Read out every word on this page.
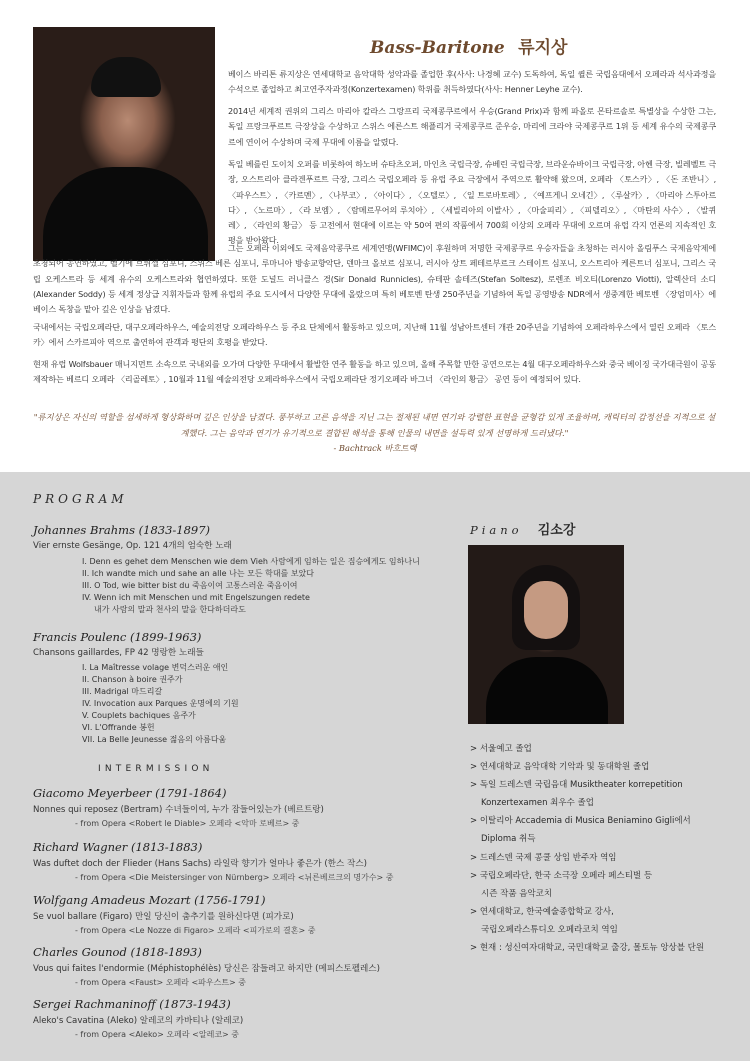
Bass-Baritone 류지상

베이스 바리톤 류지상은 연세대학교 음악대학 성악과를 졸업한 후(사사: 나경혜 교수) 도독하여, 독일 퀼른 국립음대에서 오페라과 석사과정을 수석으로 졸업하고 최고연주자과정(Konzertexamen) 학위를 취득하였다(사사: Henner Leyhe 교수).

2014년 세계적 권위의 그리스 마리아 칼라스 그랑프리 국제콩쿠르에서 우승(Grand Prix)과 함께 파올로 몬타르솔로 특별상을 수상한 그는, 독일 프랑크푸르트 극장상을 수상하고 스위스 에른스트 해플리거 국제콩쿠르 준우승, 마리에 크라야 국제콩쿠르 1위 등 세계 유수의 국제콩쿠르에 연이어 수상하며 국제 무대에 이름을 알렸다.

독일 베를린 도이치 오퍼를 비롯하여 하노버 슈타츠오퍼, 마인츠 국립극장, 슈베린 국립극장, 브라운슈바이크 국립극장, 아헨 극장, 빌레벨트 극장, 오스트리아 클라겐푸르트 극장, 그리스 국립오페라 등 유럽 주요 극장에서 주역으로 활약해 왔으며, 오페라 〈토스카〉, 〈돈 조반니〉, 〈파우스트〉, 〈카르멘〉, 〈나부코〉, 〈아이다〉, 〈오텔로〉, 〈일 트로바토레〉, 〈예프게니 오네긴〉, 〈루살카〉, 〈마리아 스투아르다〉, 〈노르마〉, 〈라 보엠〉, 〈람메르무어의 루치아〉, 〈세빌리아의 이발사〉, 〈마술피리〉, 〈피델리오〉, 〈마탄의 사수〉, 〈발퀴레〉, 〈라인의 황금〉 등 고전에서 현대에 이르는 약 50여 편의 작품에서 700회 이상의 오페라 무대에 오르며 유럽 각지 언론의 지속적인 호평을 받아왔다.

그는 오페라 이외에도 국제음악콩쿠르 세계연맹(WFIMC)이 후원하며 저명한 국제콩쿠르 우승자들을 초청하는 러시아 올림푸스 국제음악제에 초청되어 공연하였고, 벨기에 브뤼셀 심포니, 스위스 베른 심포니, 루마니아 방송교향악단, 덴마크 올보르 심포니, 러시아 상트 페테르부르크 스테이트 심포니, 오스트리아 케른트너 심포니, 그리스 국립 오케스트라 등 세계 유수의 오케스트라와 협연하였다. 또한 도널드 러니클스 경(Sir Donald Runnicles), 슈테판 솔테즈(Stefan Soltesz), 로렌조 비오티(Lorenzo Viotti), 알렉산더 소디(Alexander Soddy) 등 세계 정상급 지휘자들과 함께 유럽의 주요 도시에서 다양한 무대에 올랐으며 특히 베토벤 탄생 250주년을 기념하여 독일 공영방송 NDR에서 생중계한 베토벤 〈장엄미사〉에 베이스 독창을 맡아 깊은 인상을 남겼다.

국내에서는 국립오페라단, 대구오페라하우스, 예술의전당 오페라하우스 등 주요 단체에서 활동하고 있으며, 지난해 11월 성남아트센터 개관 20주년을 기념하여 오페라하우스에서 열린 오페라 〈토스카〉에서 스카르피아 역으로 출연하여 관객과 평단의 호평을 받았다.

현재 유럽 Wolfsbauer 매니지먼트 소속으로 국내외를 오가며 다양한 무대에서 활발한 연주 활동을 하고 있으며, 올해 주목할 만한 공연으로는 4월 대구오페라하우스와 중국 베이징 국가대극원이 공동 제작하는 베르디 오페라 〈리골레토〉, 10월과 11월 예술의전당 오페라하우스에서 국립오페라단 정기오페라 바그너 〈라인의 황금〉 공연 등이 예정되어 있다.

"류지상은 자신의 역할을 섬세하게 형상화하며 깊은 인상을 남겼다. 풍부하고 고른 음색을 지닌 그는 절제된 내면 연기와 강렬한 표현을 균형감 있게 조율하며, 캐릭터의 감정선을 지적으로 설계했다. 그는 음악과 연기가 유기적으로 결합된 해석을 통해 인물의 내면을 설득력 있게 선명하게 드러냈다."

- Bachtrack 바흐트랙

PROGRAM
Johannes Brahms (1833-1897)
Vier ernste Gesänge, Op. 121 4개의 엄숙한 노래
I. Denn es gehet dem Menschen wie dem Vieh 사람에게 임하는 일은 짐승에게도 임하나니
II. Ich wandte mich und sahe an alle 나는 모든 학대를 보았다
III. O Tod, wie bitter bist du 죽음이여 고통스러운 죽음이여
IV. Wenn ich mit Menschen und mit Engelszungen redete
내가 사람의 말과 천사의 말을 한다하더라도
Francis Poulenc (1899-1963)
Chansons gaillardes, FP 42 명랑한 노래들
I. La Maîtresse volage 변덕스러운 애인
II. Chanson à boire 권주가
III. Madrigal 마드리갈
IV. Invocation aux Parques 운명에의 기원
V. Couplets bachiques 음주가
VI. L'Offrande 봉헌
VII. La Belle Jeunesse 젊음의 아름다움
INTERMISSION
Giacomo Meyerbeer (1791-1864)
Nonnes qui reposez (Bertram) 수녀들이여, 누가 잠들어있는가 (베르트랑)
- from Opera <Robert le Diable> 오페라 <악마 로베르> 중
Richard Wagner (1813-1883)
Was duftet doch der Flieder (Hans Sachs) 라일락 향기가 얼마나 좋은가 (한스 작스)
- from Opera <Die Meistersinger von Nürnberg> 오페라 <뉘른베르크의 명가수> 중
Wolfgang Amadeus Mozart (1756-1791)
Se vuol ballare (Figaro) 만일 당신이 춤추기를 원하신다면 (피가로)
- from Opera <Le Nozze di Figaro> 오페라 <피가로의 결혼> 중
Charles Gounod (1818-1893)
Vous qui faites l'endormie (Méphistophélès) 당신은 잠들려고 하지만 (메피스토펠레스)
- from Opera <Faust> 오페라 <파우스트> 중
Sergei Rachmaninoff (1873-1943)
Aleko's Cavatina (Aleko) 알레코의 카바티나 (알레코)
- from Opera <Aleko> 오페라 <알레코> 중
Piano 김소강
> 서울예고 졸업
> 연세대학교 음악대학 기악과 및 동대학원 졸업
> 독일 드레스덴 국립음대 Musiktheater korrepetition
Konzertexamen 최우수 졸업
> 이탈리아 Accademia di Musica Beniamino Gigli에서
Diploma 취득
> 드레스덴 국제 콩쿨 상임 반주자 역임
> 국립오페라단, 한국 소극장 오페라 페스티벌 등
시즌 작품 음악코치
> 연세대학교, 한국예술종합학교 강사,
국립오페라스튜디오 오페라코치 역임
> 현재 : 성신여자대학교, 국민대학교 출강, 몰토뉴 앙상블 단원
